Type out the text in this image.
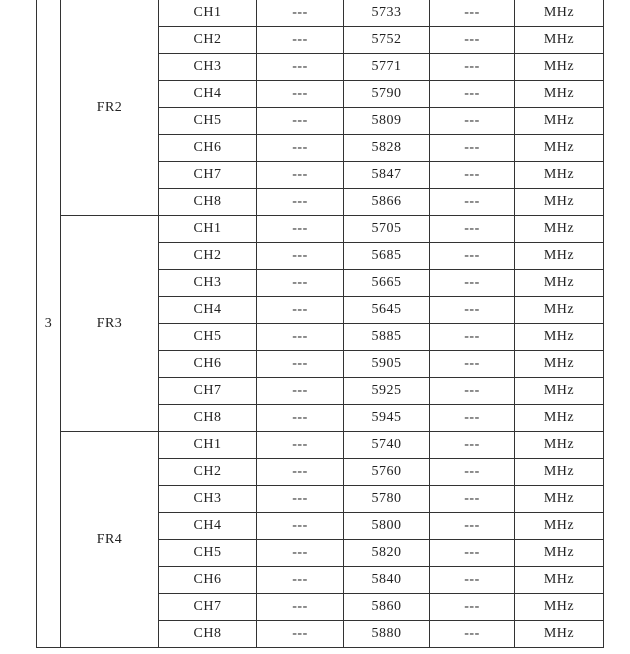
3	FR2	CH1	---	5733	---	MHz
		CH2	---	5752	---	MHz
		CH3	---	5771	---	MHz
		CH4	---	5790	---	MHz
		CH5	---	5809	---	MHz
		CH6	---	5828	---	MHz
		CH7	---	5847	---	MHz
		CH8	---	5866	---	MHz
	FR3	CH1	---	5705	---	MHz
		CH2	---	5685	---	MHz
		CH3	---	5665	---	MHz
		CH4	---	5645	---	MHz
		CH5	---	5885	---	MHz
		CH6	---	5905	---	MHz
		CH7	---	5925	---	MHz
		CH8	---	5945	---	MHz
	FR4	CH1	---	5740	---	MHz
		CH2	---	5760	---	MHz
		CH3	---	5780	---	MHz
		CH4	---	5800	---	MHz
		CH5	---	5820	---	MHz
		CH6	---	5840	---	MHz
		CH7	---	5860	---	MHz
		CH8	---	5880	---	MHz
